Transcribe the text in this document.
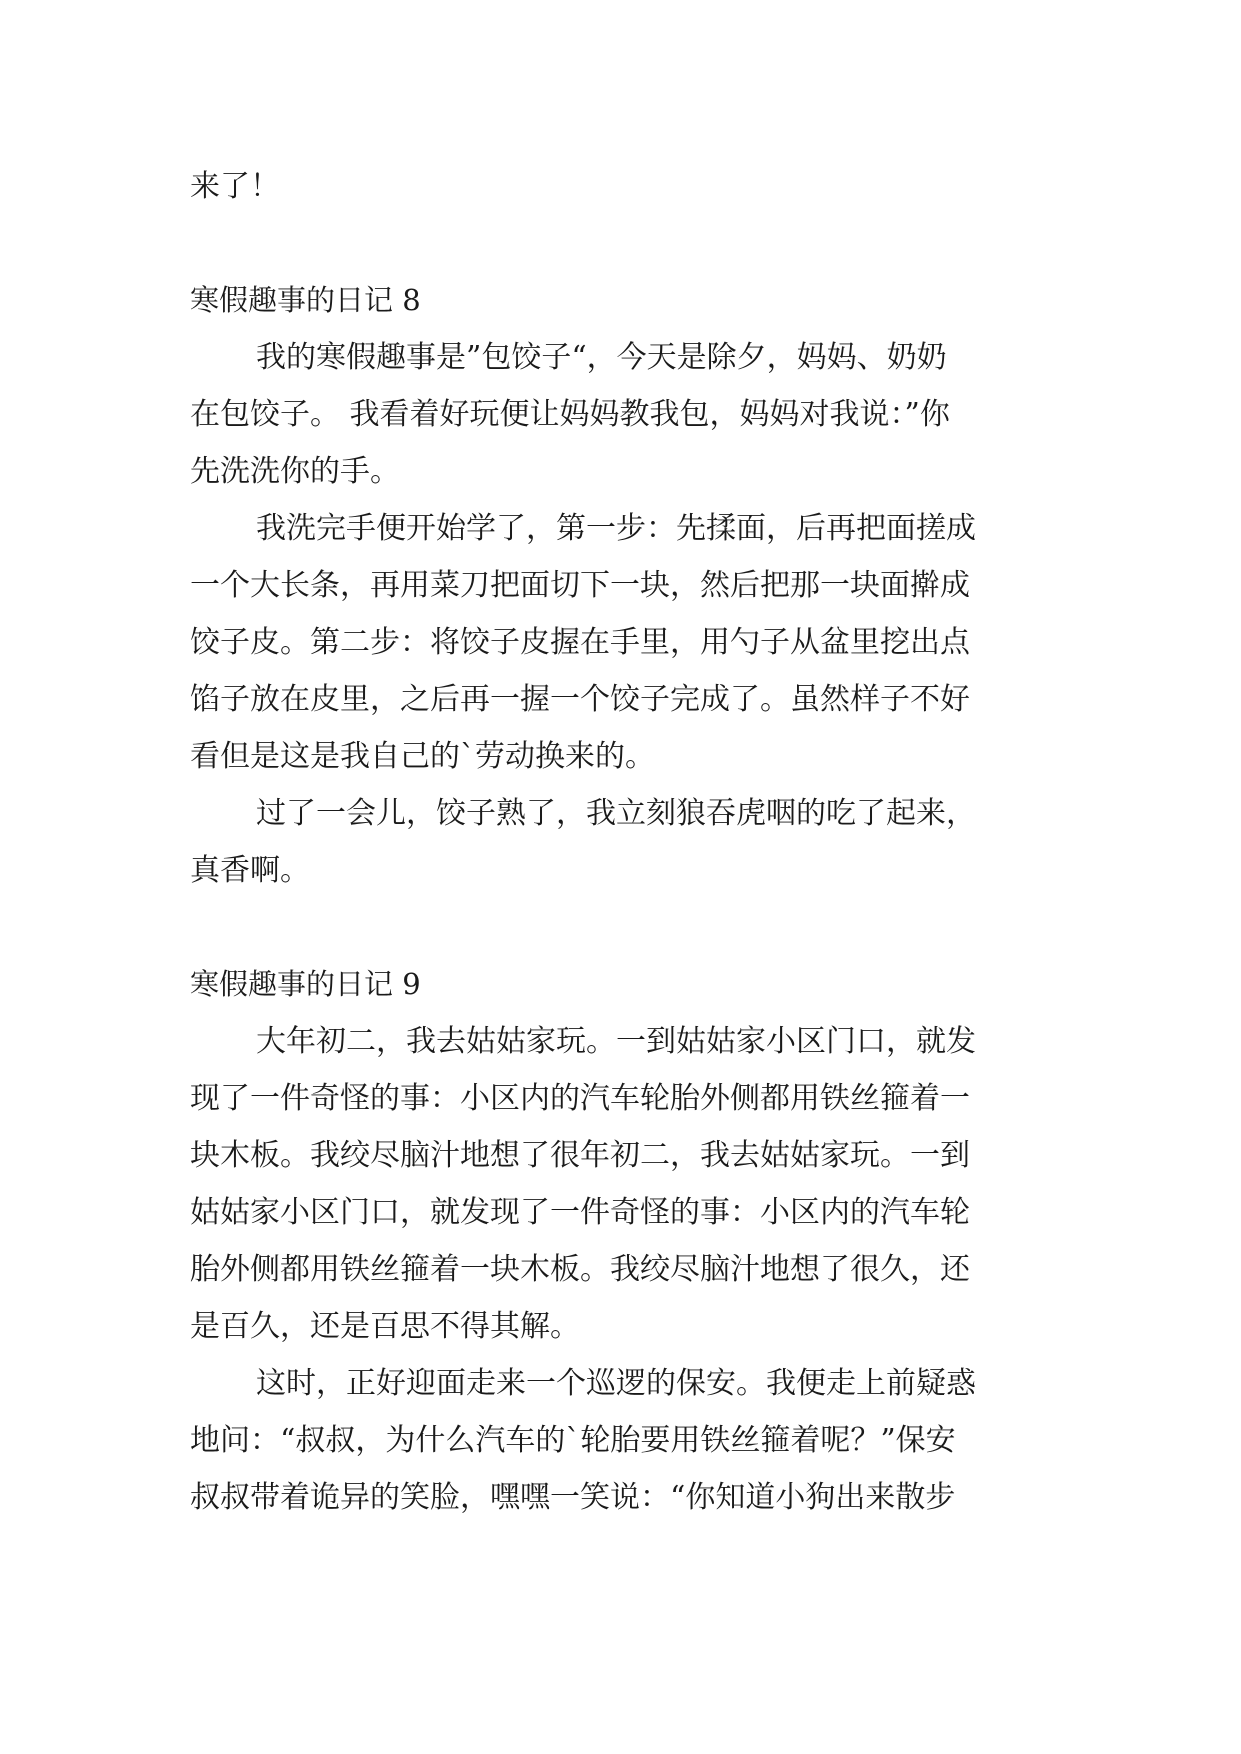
来了！

寒假趣事的日记 8
我的寒假趣事是”包饺子“，今天是除夕，妈妈、奶奶
在包饺子。 我看着好玩便让妈妈教我包，妈妈对我说：”你
先洗洗你的手。
我洗完手便开始学了，第一步：先揉面，后再把面搓成
一个大长条，再用菜刀把面切下一块，然后把那一块面擀成
饺子皮。第二步：将饺子皮握在手里，用勺子从盆里挖出点
馅子放在皮里，之后再一握一个饺子完成了。虽然样子不好
看但是这是我自己的`劳动换来的。
过了一会儿，饺子熟了，我立刻狼吞虎咽的吃了起来，
真香啊。

寒假趣事的日记 9
大年初二，我去姑姑家玩。一到姑姑家小区门口，就发
现了一件奇怪的事：小区内的汽车轮胎外侧都用铁丝箍着一
块木板。我绞尽脑汁地想了很年初二，我去姑姑家玩。一到
姑姑家小区门口，就发现了一件奇怪的事：小区内的汽车轮
胎外侧都用铁丝箍着一块木板。我绞尽脑汁地想了很久，还
是百久，还是百思不得其解。
这时，正好迎面走来一个巡逻的保安。我便走上前疑惑
地问：“叔叔，为什么汽车的`轮胎要用铁丝箍着呢？”保安
叔叔带着诡异的笑脸，嘿嘿一笑说：“你知道小狗出来散步
